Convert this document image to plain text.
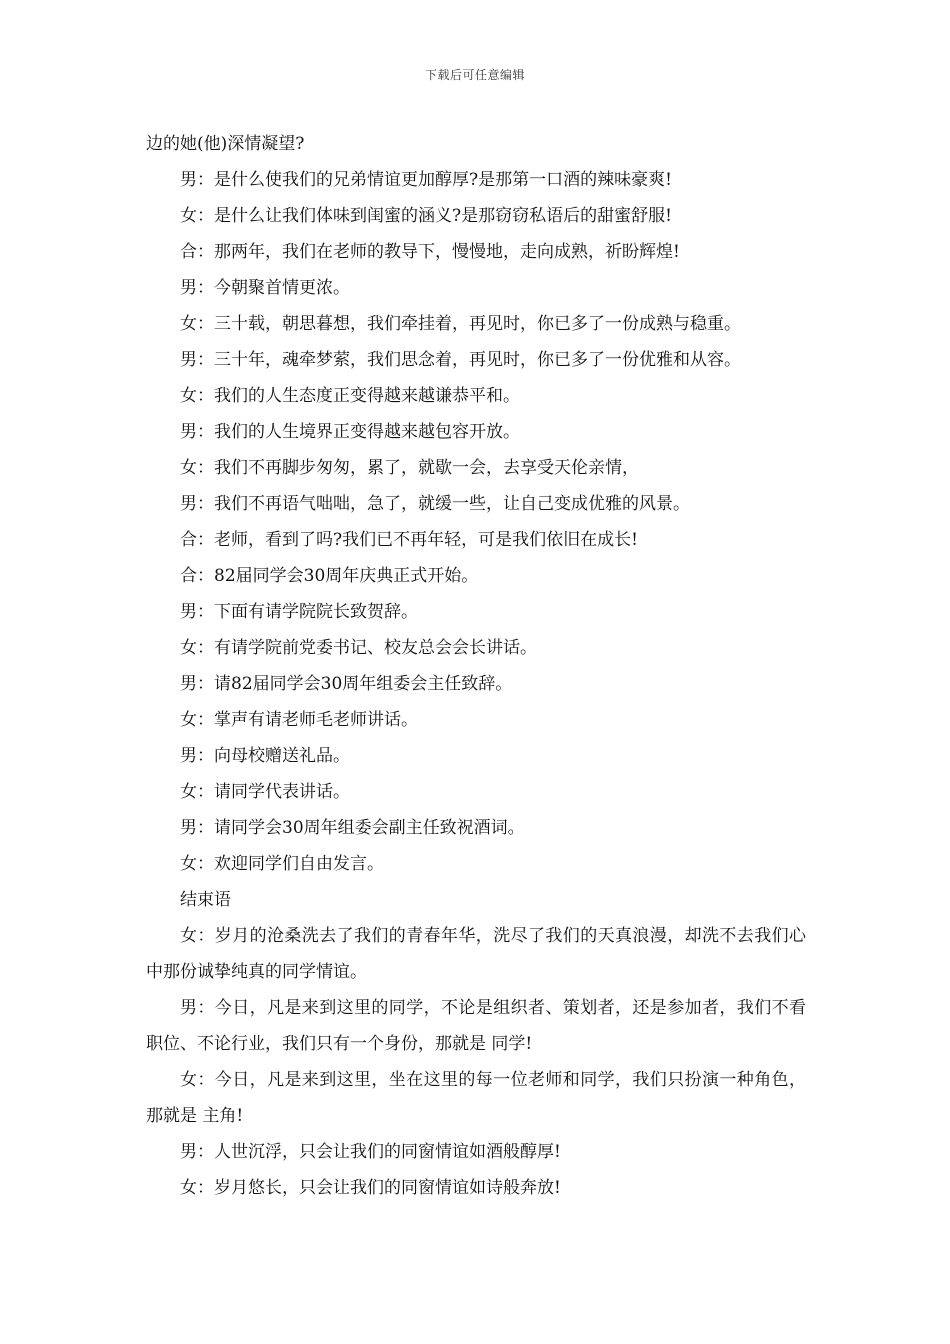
下载后可任意编辑

边的她(他)深情凝望?

男：是什么使我们的兄弟情谊更加醇厚?是那第一口酒的辣味豪爽!

女：是什么让我们体味到闺蜜的涵义?是那窃窃私语后的甜蜜舒服!

合：那两年，我们在老师的教导下，慢慢地，走向成熟，祈盼辉煌!

男：今朝聚首情更浓。

女：三十载，朝思暮想，我们牵挂着，再见时，你已多了一份成熟与稳重。

男：三十年，魂牵梦萦，我们思念着，再见时，你已多了一份优雅和从容。

女：我们的人生态度正变得越来越谦恭平和。

男：我们的人生境界正变得越来越包容开放。

女：我们不再脚步匆匆，累了，就歇一会，去享受天伦亲情，

男：我们不再语气咄咄，急了，就缓一些，让自己变成优雅的风景。

合：老师，看到了吗?我们已不再年轻，可是我们依旧在成长!

合：82届同学会30周年庆典正式开始。

男：下面有请学院院长致贺辞。

女：有请学院前党委书记、校友总会会长讲话。

男：请82届同学会30周年组委会主任致辞。

女：掌声有请老师毛老师讲话。

男：向母校赠送礼品。

女：请同学代表讲话。

男：请同学会30周年组委会副主任致祝酒词。

女：欢迎同学们自由发言。

结束语

女：岁月的沧桑洗去了我们的青春年华，洗尽了我们的天真浪漫，却洗不去我们心中那份诚挚纯真的同学情谊。

男：今日，凡是来到这里的同学，不论是组织者、策划者，还是参加者，我们不看职位、不论行业，我们只有一个身份，那就是 同学!

女：今日，凡是来到这里，坐在这里的每一位老师和同学，我们只扮演一种角色，那就是 主角!

男：人世沉浮，只会让我们的同窗情谊如酒般醇厚!

女：岁月悠长，只会让我们的同窗情谊如诗般奔放!
